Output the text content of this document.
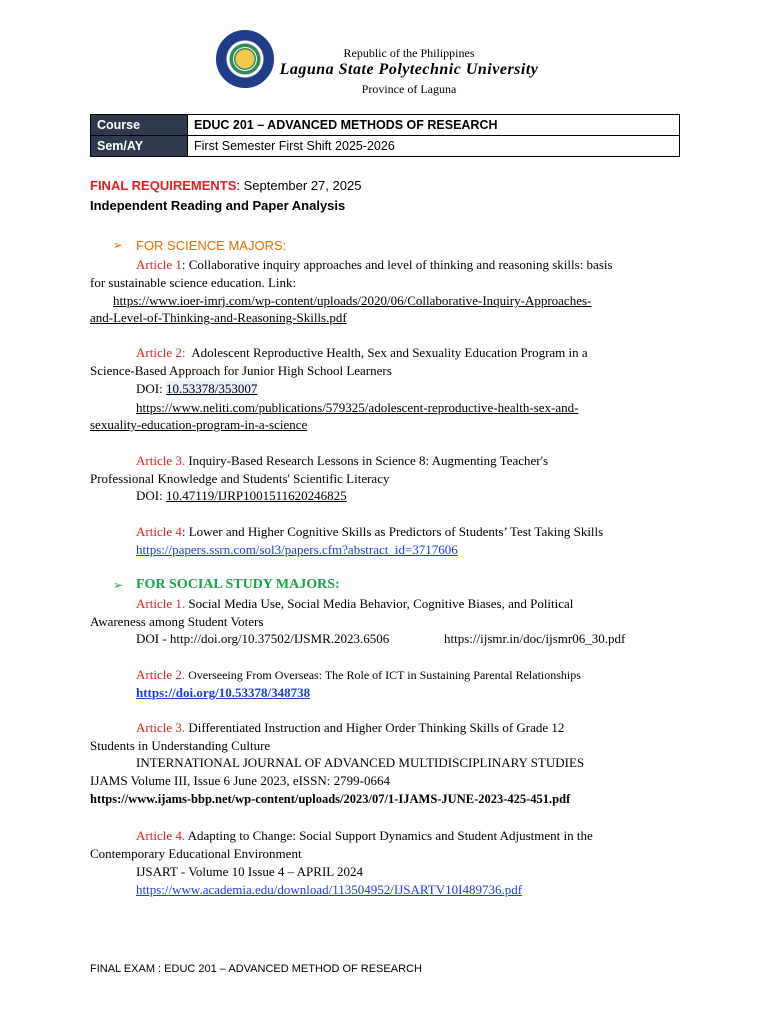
Republic of the Philippines
Laguna State Polytechnic University
Province of Laguna
Course	EDUC 201 – ADVANCED METHODS OF RESEARCH
Sem/AY	First Semester First Shift 2025-2026
FINAL REQUIREMENTS: September 27, 2025
Independent Reading and Paper Analysis
➢ FOR SCIENCE MAJORS:
Article 1: Collaborative inquiry approaches and level of thinking and reasoning skills: basis
for sustainable science education. Link:
https://www.ioer-imrj.com/wp-content/uploads/2020/06/Collaborative-Inquiry-Approaches-
and-Level-of-Thinking-and-Reasoning-Skills.pdf
Article 2: Adolescent Reproductive Health, Sex and Sexuality Education Program in a
Science-Based Approach for Junior High School Learners
DOI: 10.53378/353007
https://www.neliti.com/publications/579325/adolescent-reproductive-health-sex-and-
sexuality-education-program-in-a-science
Article 3. Inquiry-Based Research Lessons in Science 8: Augmenting Teacher's
Professional Knowledge and Students' Scientific Literacy
DOI: 10.47119/IJRP1001511620246825
Article 4: Lower and Higher Cognitive Skills as Predictors of Students’ Test Taking Skills
https://papers.ssrn.com/sol3/papers.cfm?abstract_id=3717606
➢ FOR SOCIAL STUDY MAJORS:
Article 1. Social Media Use, Social Media Behavior, Cognitive Biases, and Political
Awareness among Student Voters
DOI - http://doi.org/10.37502/IJSMR.2023.6506	https://ijsmr.in/doc/ijsmr06_30.pdf
Article 2. Overseeing From Overseas: The Role of ICT in Sustaining Parental Relationships
https://doi.org/10.53378/348738
Article 3. Differentiated Instruction and Higher Order Thinking Skills of Grade 12
Students in Understanding Culture
INTERNATIONAL JOURNAL OF ADVANCED MULTIDISCIPLINARY STUDIES
IJAMS Volume III, Issue 6 June 2023, eISSN: 2799-0664
https://www.ijams-bbp.net/wp-content/uploads/2023/07/1-IJAMS-JUNE-2023-425-451.pdf
Article 4. Adapting to Change: Social Support Dynamics and Student Adjustment in the
Contemporary Educational Environment
IJSART - Volume 10 Issue 4 – APRIL 2024
https://www.academia.edu/download/113504952/IJSARTV10I489736.pdf
FINAL EXAM : EDUC 201 – ADVANCED METHOD OF RESEARCH
